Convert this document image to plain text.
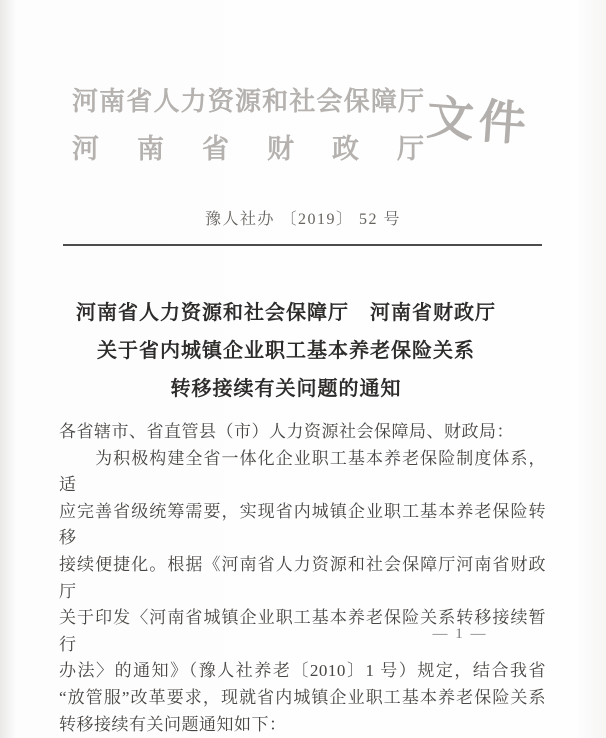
河南省人力资源和社会保障厅
河南省财政厅 文件
豫人社办 〔2019〕 52 号
河南省人力资源和社会保障厅　河南省财政厅
关于省内城镇企业职工基本养老保险关系
转移接续有关问题的通知
各省辖市、省直管县（市）人力资源社会保障局、财政局：
　　为积极构建全省一体化企业职工基本养老保险制度体系，适
应完善省级统筹需要，实现省内城镇企业职工基本养老保险转移
接续便捷化。根据《河南省人力资源和社会保障厅河南省财政厅
关于印发〈河南省城镇企业职工基本养老保险关系转移接续暂行
办法〉的通知》（豫人社养老〔2010〕1 号）规定，结合我省
“放管服”改革要求，现就省内城镇企业职工基本养老保险关系
转移接续有关问题通知如下：
— 1 —
